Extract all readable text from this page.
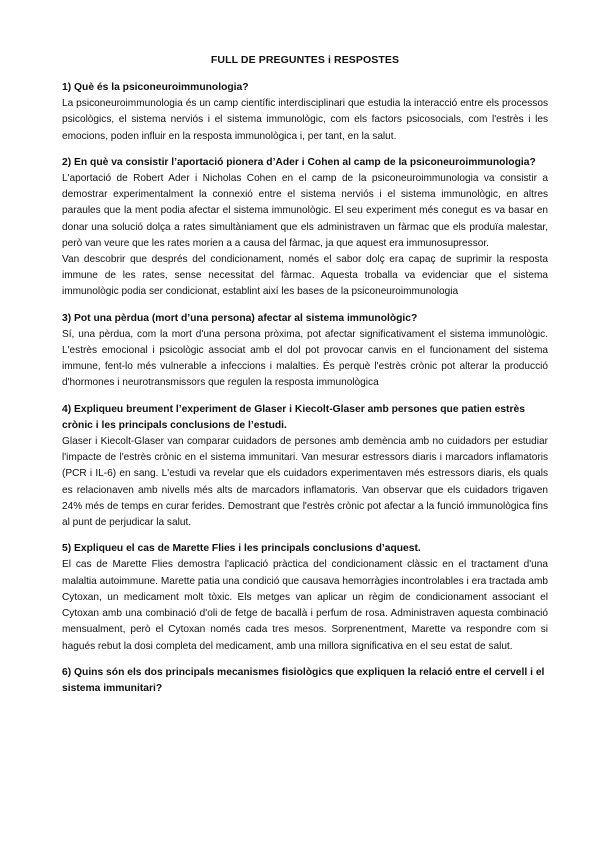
FULL DE PREGUNTES i RESPOSTES

1) Què és la psiconeuroimmunologia?

La psiconeuroimmunologia és un camp científic interdisciplinari que estudia la interacció entre els processos psicològics, el sistema nerviós i el sistema immunològic, com els factors psicosocials, com l'estrès i les emocions, poden influir en la resposta immunològica i, per tant, en la salut.

2) En què va consistir l’aportació pionera d’Ader i Cohen al camp de la psiconeuroimmunologia?

L'aportació de Robert Ader i Nicholas Cohen en el camp de la psiconeuroimmunologia va consistir a demostrar experimentalment la connexió entre el sistema nerviós i el sistema immunològic, en altres paraules que la ment podia afectar el sistema immunològic. El seu experiment més conegut es va basar en donar una solució dolça a rates simultàniament que els administraven un fàrmac que els produïa malestar, però van veure que les rates morien a a causa del fàrmac, ja que aquest era immunosupressor.

Van descobrir que després del condicionament, només el sabor dolç era capaç de suprimir la resposta immune de les rates, sense necessitat del fàrmac. Aquesta troballa va evidenciar que el sistema immunològic podia ser condicionat, establint així les bases de la psiconeuroimmunologia

3) Pot una pèrdua (mort d’una persona) afectar al sistema immunològic?

Sí, una pèrdua, com la mort d'una persona pròxima, pot afectar significativament el sistema immunològic. L'estrès emocional i psicològic associat amb el dol pot provocar canvis en el funcionament del sistema immune, fent-lo més vulnerable a infeccions i malalties. És perquè l'estrès crònic pot alterar la producció d'hormones i neurotransmissors que regulen la resposta immunològica

4) Expliqueu breument l’experiment de Glaser i Kiecolt-Glaser amb persones que patien estrès crònic i les principals conclusions de l’estudi.

Glaser i Kiecolt-Glaser van comparar cuidadors de persones amb demència amb no cuidadors per estudiar l'impacte de l'estrès crònic en el sistema immunitari. Van mesurar estressors diaris i marcadors inflamatoris (PCR i IL-6) en sang. L'estudi va revelar que els cuidadors experimentaven més estressors diaris, els quals es relacionaven amb nivells més alts de marcadors inflamatoris. Van observar que els cuidadors trigaven 24% més de temps en curar ferides. Demostrant que l'estrès crònic pot afectar a la funció immunològica fins al punt de perjudicar la salut.

5) Expliqueu el cas de Marette Flies i les principals conclusions d’aquest.

El cas de Marette Flies demostra l'aplicació pràctica del condicionament clàssic en el tractament d'una malaltia autoimmune. Marette patia una condició que causava hemorràgies incontrolables i era tractada amb Cytoxan, un medicament molt tòxic. Els metges van aplicar un règim de condicionament associant el Cytoxan amb una combinació d'oli de fetge de bacallà i perfum de rosa. Administraven aquesta combinació mensualment, però el Cytoxan només cada tres mesos. Sorprenentment, Marette va respondre com si hagués rebut la dosi completa del medicament, amb una millora significativa en el seu estat de salut.

6) Quins són els dos principals mecanismes fisiològics que expliquen la relació entre el cervell i el sistema immunitari?
